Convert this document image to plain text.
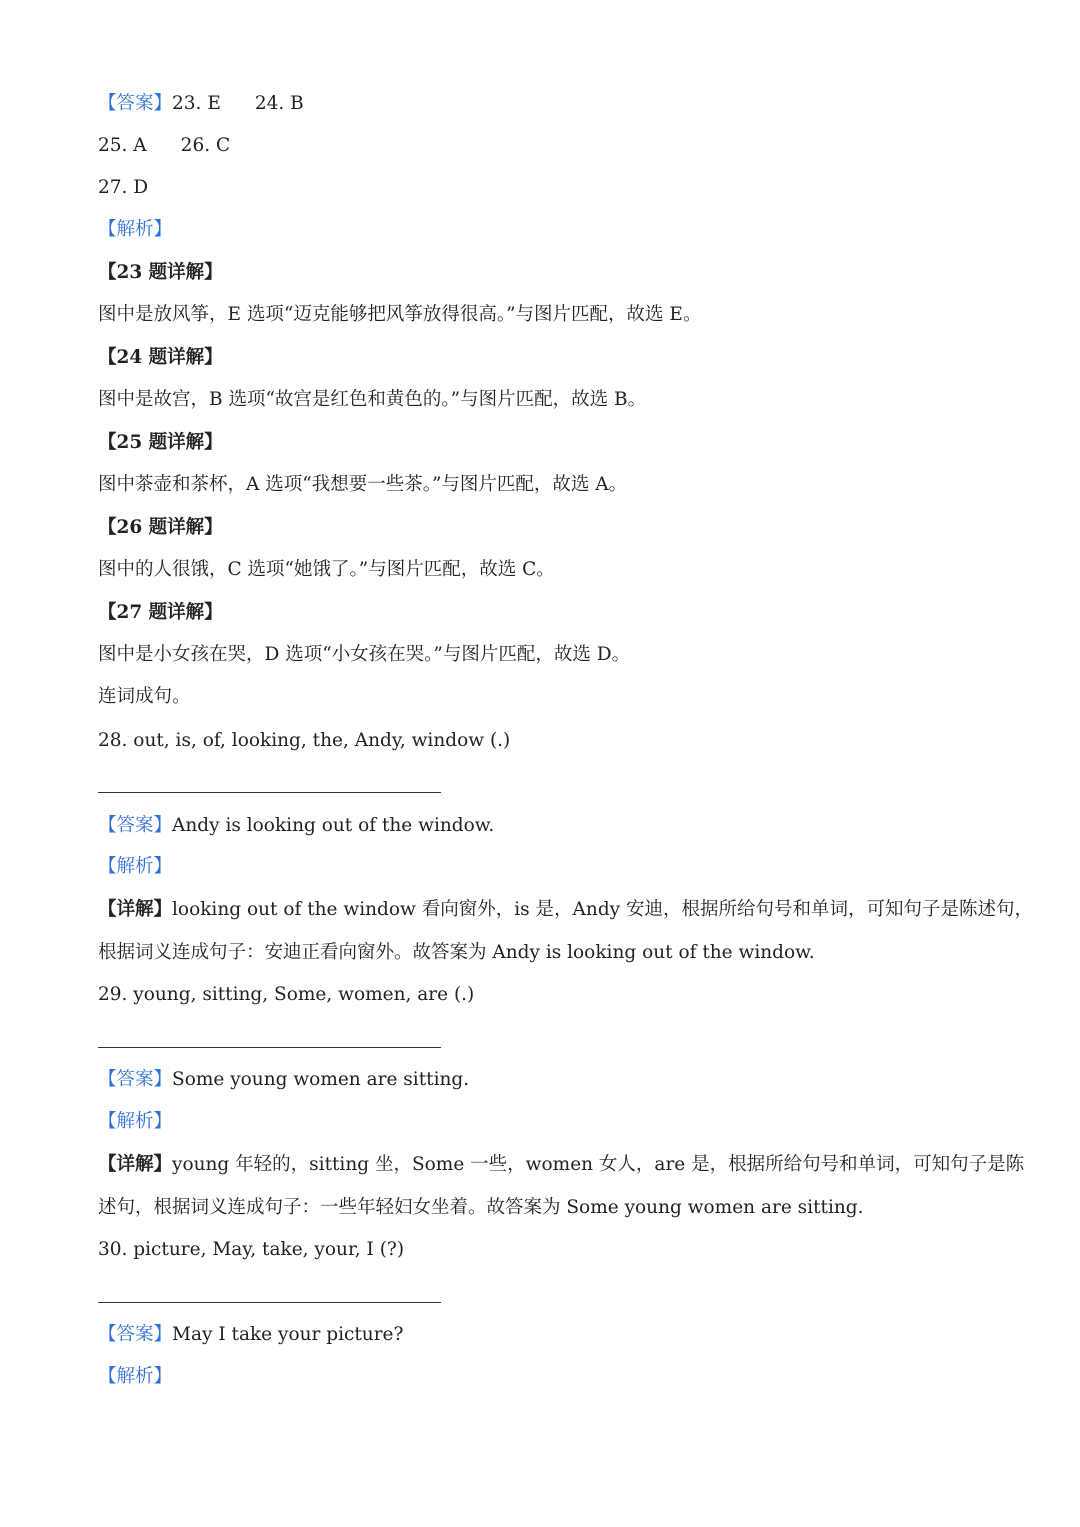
【答案】23. E 24. B

25. A 26. C

27. D

【解析】

【23 题详解】

图中是放风筝，E 选项“迈克能够把风筝放得很高。”与图片匹配，故选 E。

【24 题详解】

图中是故宫，B 选项“故宫是红色和黄色的。”与图片匹配，故选 B。

【25 题详解】

图中茶壶和茶杯，A 选项“我想要一些茶。”与图片匹配，故选 A。

【26 题详解】

图中的人很饿，C 选项“她饿了。”与图片匹配，故选 C。

【27 题详解】

图中是小女孩在哭，D 选项“小女孩在哭。”与图片匹配，故选 D。

连词成句。

28. out, is, of, looking, the, Andy, window (.)

【答案】Andy is looking out of the window.

【解析】

【详解】looking out of the window 看向窗外，is 是，Andy 安迪，根据所给句号和单词，可知句子是陈述句，

根据词义连成句子：安迪正看向窗外。故答案为 Andy is looking out of the window.

29. young, sitting, Some, women, are (.)

【答案】Some young women are sitting.

【解析】

【详解】young 年轻的，sitting 坐，Some 一些，women 女人，are 是，根据所给句号和单词，可知句子是陈

述句，根据词义连成句子：一些年轻妇女坐着。故答案为 Some young women are sitting.

30. picture, May, take, your, I (?)

【答案】May I take your picture?

【解析】
